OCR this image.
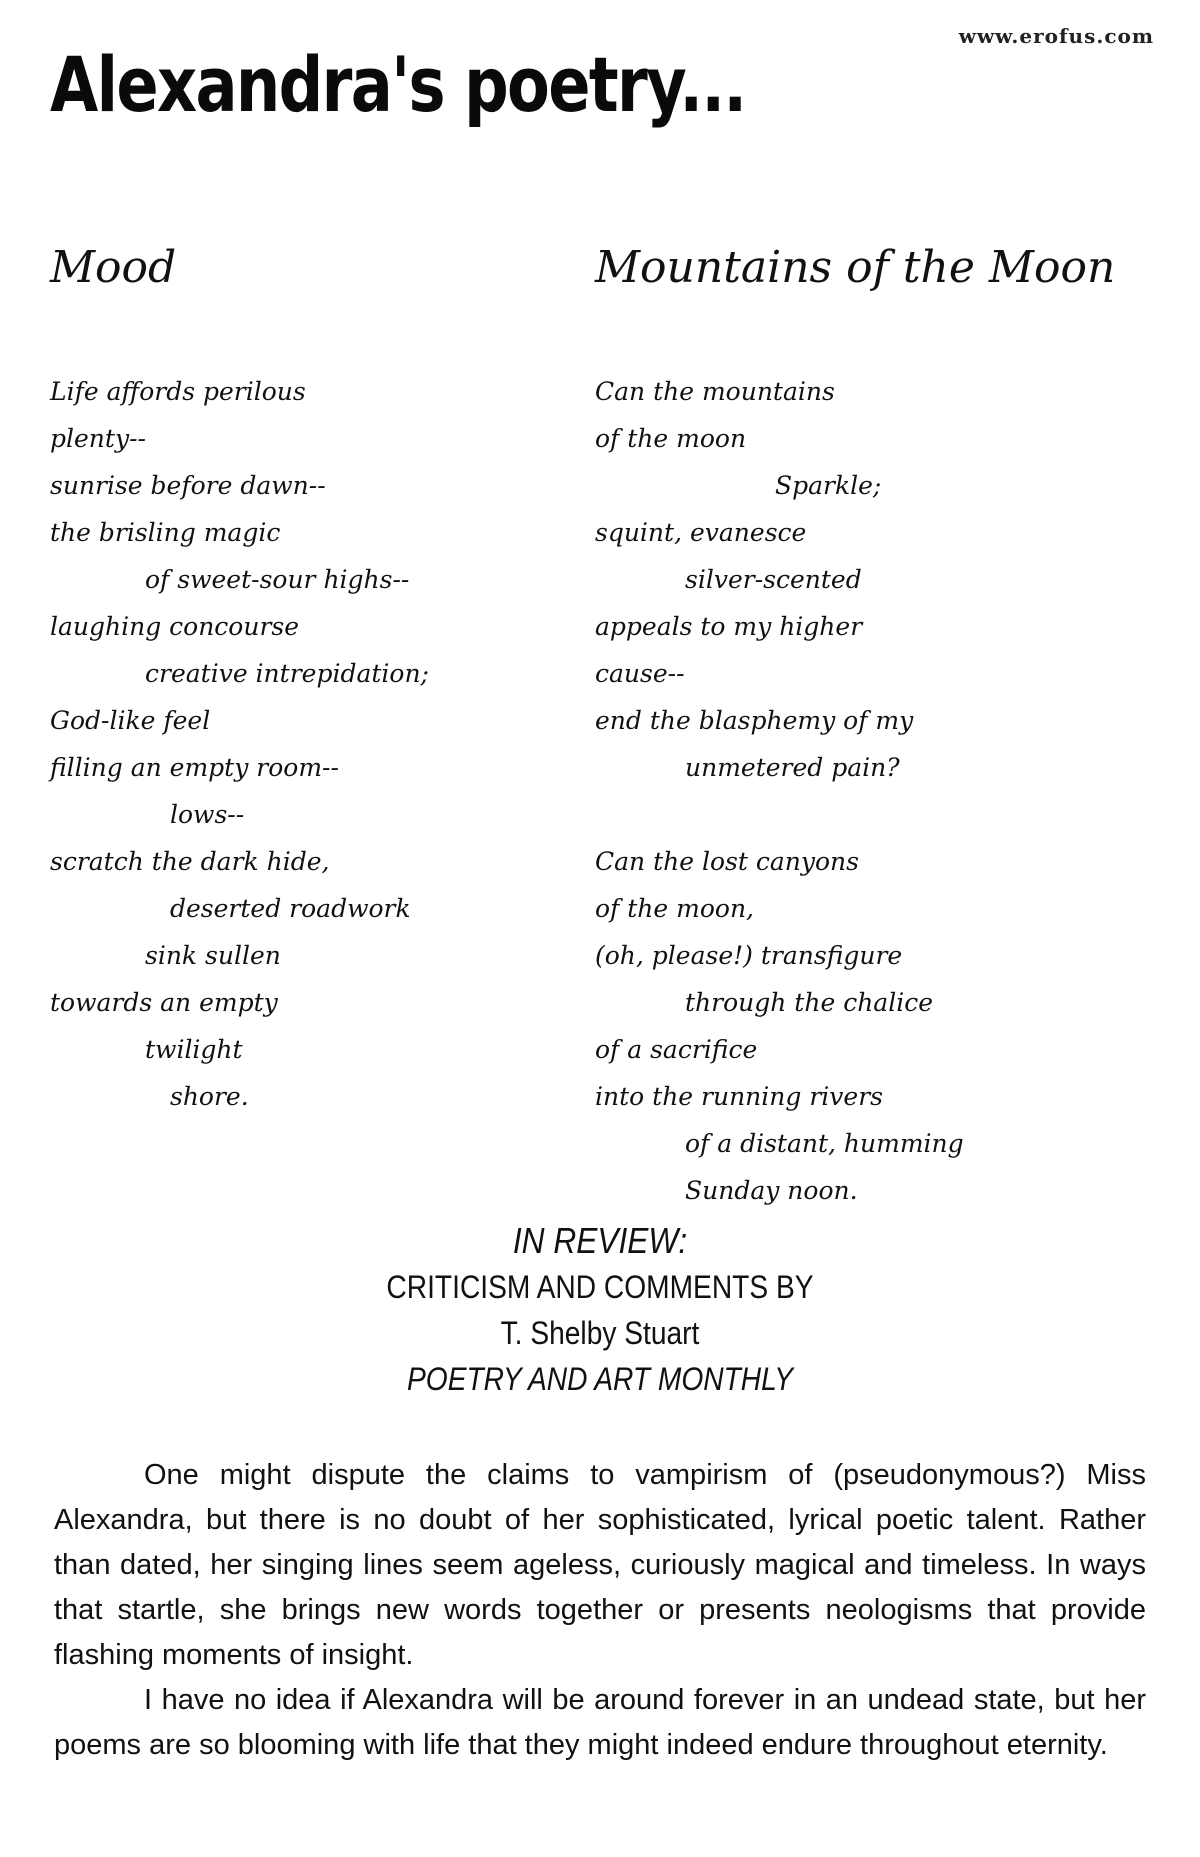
www.erofus.com
Alexandra's poetry...
Mood
Life affords perilous
plenty--
sunrise before dawn--
the brisling magic
of sweet-sour highs--
laughing concourse
creative intrepidation;
God-like feel
filling an empty room--
lows--
scratch the dark hide,
deserted roadwork
sink sullen
towards an empty
twilight
shore.
Mountains of the Moon
Can the mountains
of the moon
Sparkle;
squint, evanesce
silver-scented
appeals to my higher
cause--
end the blasphemy of my
unmetered pain?
Can the lost canyons
of the moon,
(oh, please!) transfigure
through the chalice
of a sacrifice
into the running rivers
of a distant, humming
Sunday noon.
IN REVIEW:
CRITICISM AND COMMENTS BY
T. Shelby Stuart
POETRY AND ART MONTHLY

One might dispute the claims to vampirism of (pseudonymous?) Miss Alexandra, but there is no doubt of her sophisticated, lyrical poetic talent. Rather than dated, her singing lines seem ageless, curiously magical and timeless. In ways that startle, she brings new words together or presents neologisms that provide flashing moments of insight.

I have no idea if Alexandra will be around forever in an undead state, but her poems are so blooming with life that they might indeed endure throughout eternity.
